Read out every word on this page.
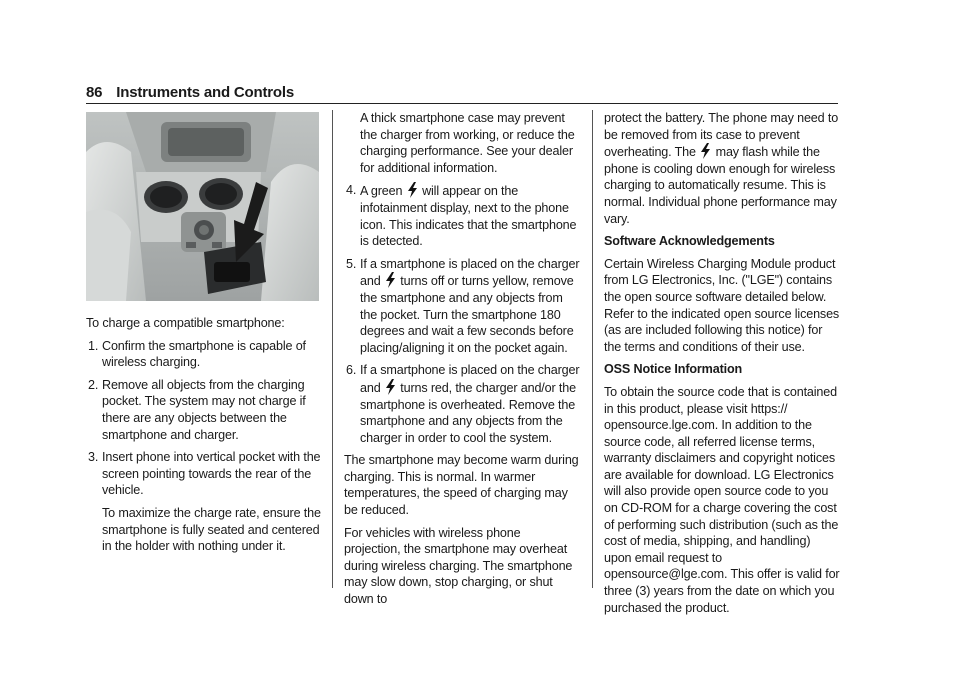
86 Instruments and Controls

To charge a compatible smartphone:

1. Confirm the smartphone is capable of wireless charging.
2. Remove all objects from the charging pocket. The system may not charge if there are any objects between the smartphone and charger.
3. Insert phone into vertical pocket with the screen pointing towards the rear of the vehicle.
To maximize the charge rate, ensure the smartphone is fully seated and centered in the holder with nothing under it.

A thick smartphone case may prevent the charger from working, or reduce the charging performance. See your dealer for additional information.

4. A green will appear on the infotainment display, next to the phone icon. This indicates that the smartphone is detected.
5. If a smartphone is placed on the charger and turns off or turns yellow, remove the smartphone and any objects from the pocket. Turn the smartphone 180 degrees and wait a few seconds before placing/aligning it on the pocket again.
6. If a smartphone is placed on the charger and turns red, the charger and/or the smartphone is overheated. Remove the smartphone and any objects from the charger in order to cool the system.

The smartphone may become warm during charging. This is normal. In warmer temperatures, the speed of charging may be reduced.

For vehicles with wireless phone projection, the smartphone may overheat during wireless charging. The smartphone may slow down, stop charging, or shut down to

protect the battery. The phone may need to be removed from its case to prevent overheating. The may flash while the phone is cooling down enough for wireless charging to automatically resume. This is normal. Individual phone performance may vary.

Software Acknowledgements

Certain Wireless Charging Module product from LG Electronics, Inc. ("LGE") contains the open source software detailed below. Refer to the indicated open source licenses (as are included following this notice) for the terms and conditions of their use.

OSS Notice Information

To obtain the source code that is contained in this product, please visit https:// opensource.lge.com. In addition to the source code, all referred license terms, warranty disclaimers and copyright notices are available for download. LG Electronics will also provide open source code to you on CD-ROM for a charge covering the cost of performing such distribution (such as the cost of media, shipping, and handling) upon email request to opensource@lge.com. This offer is valid for three (3) years from the date on which you purchased the product.
